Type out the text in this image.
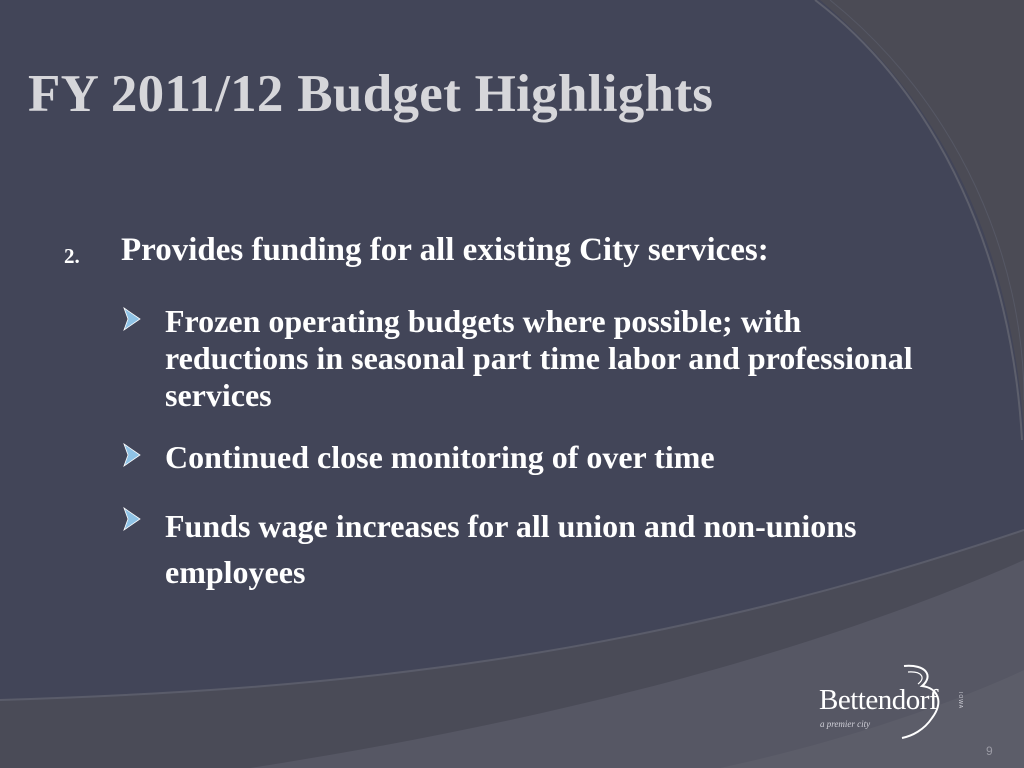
FY 2011/12 Budget Highlights
2. Provides funding for all existing City services:
Frozen operating budgets where possible; with reductions in seasonal part time labor and professional services
Continued close monitoring of over time
Funds wage increases for all union and non-unions employees
Bettendorf
a premier city
IOWA
9
